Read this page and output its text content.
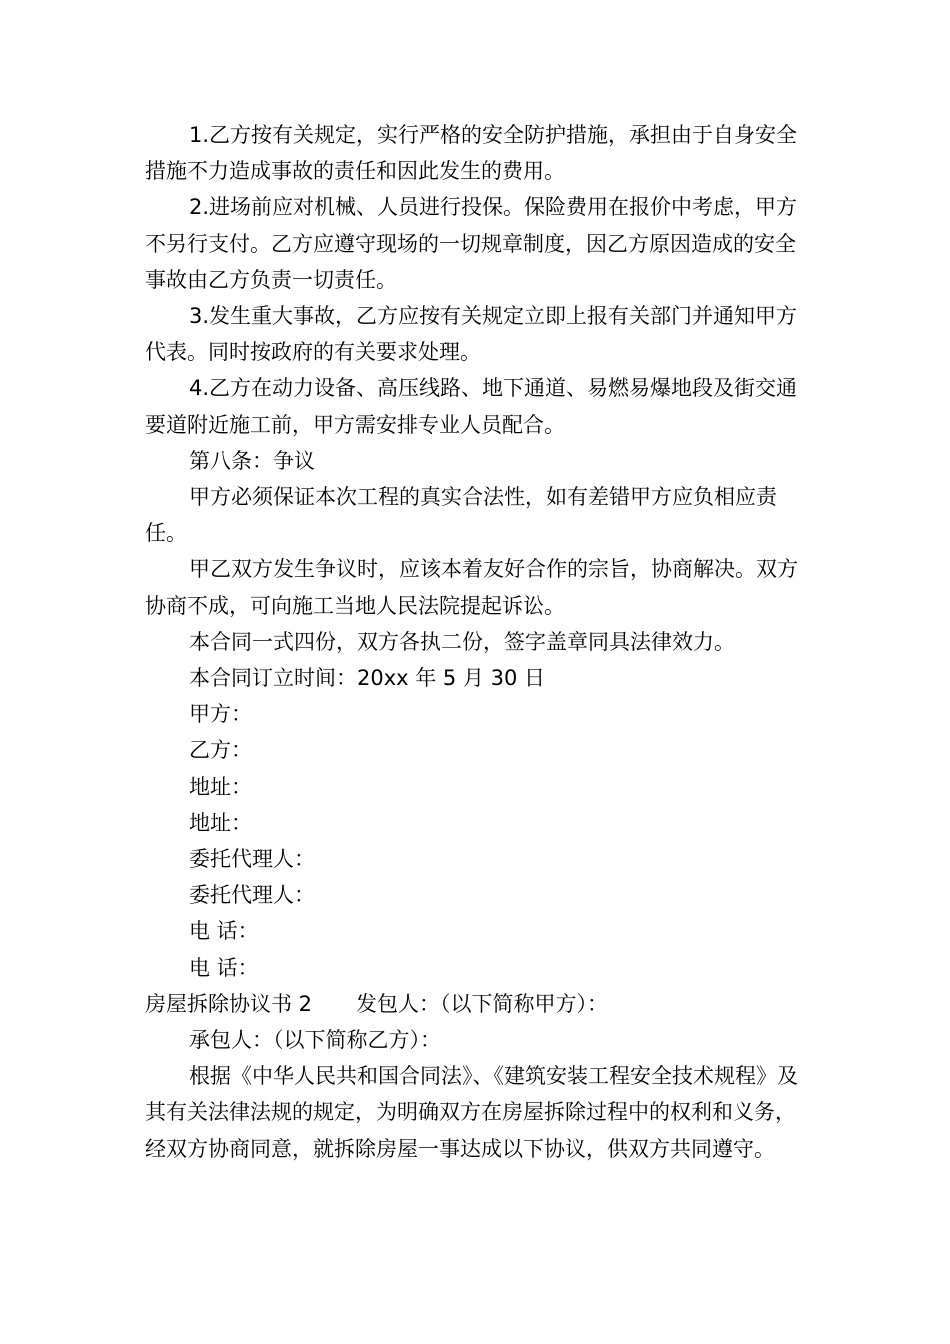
1.乙方按有关规定，实行严格的安全防护措施，承担由于自身安全措施不力造成事故的责任和因此发生的费用。

2.进场前应对机械、人员进行投保。保险费用在报价中考虑，甲方不另行支付。乙方应遵守现场的一切规章制度，因乙方原因造成的安全事故由乙方负责一切责任。

3.发生重大事故，乙方应按有关规定立即上报有关部门并通知甲方代表。同时按政府的有关要求处理。

4.乙方在动力设备、高压线路、地下通道、易燃易爆地段及街交通要道附近施工前，甲方需安排专业人员配合。

第八条：争议

甲方必须保证本次工程的真实合法性，如有差错甲方应负相应责任。

甲乙双方发生争议时，应该本着友好合作的宗旨，协商解决。双方协商不成，可向施工当地人民法院提起诉讼。

本合同一式四份，双方各执二份，签字盖章同具法律效力。

本合同订立时间：20xx 年 5 月 30 日

甲方：

乙方：

地址：

地址：

委托代理人：

委托代理人：

电 话：

电 话：

房屋拆除协议书 2 发包人：（以下简称甲方）：

承包人：（以下简称乙方）：

根据《中华人民共和国合同法》、《建筑安装工程安全技术规程》及其有关法律法规的规定，为明确双方在房屋拆除过程中的权利和义务，经双方协商同意，就拆除房屋一事达成以下协议，供双方共同遵守。
